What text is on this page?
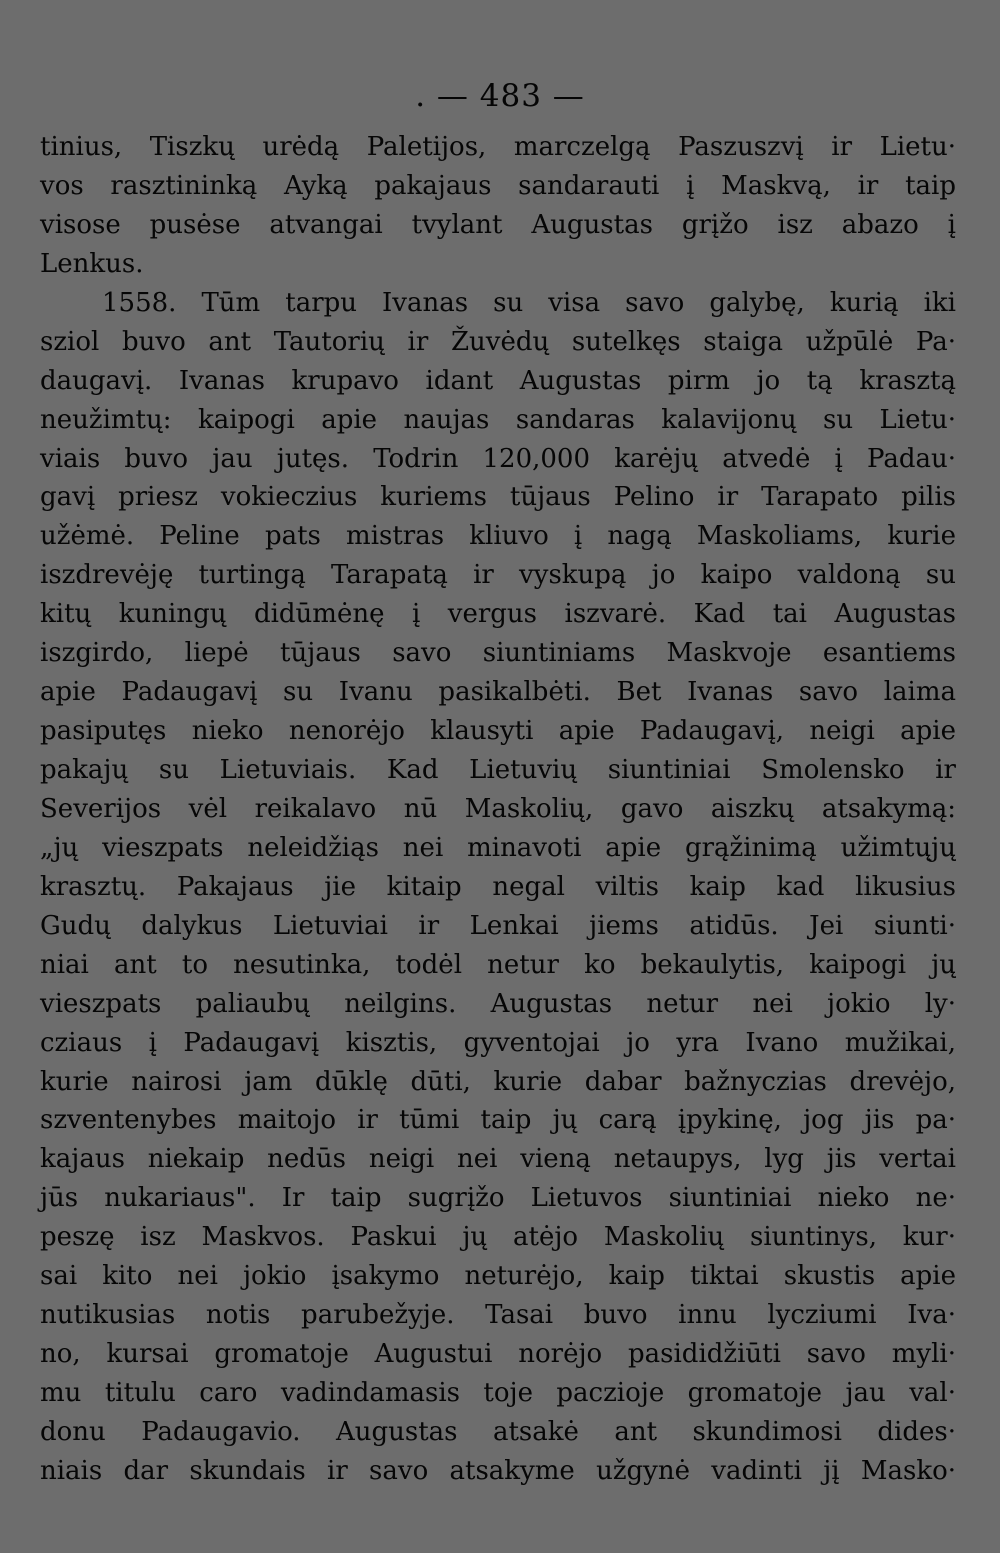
. — 483 —
tinius, Tiszkų urėdą Paletijos, marczelgą Paszuszvį ir Lietu·
vos rasztininką Ayką pakajaus sandarauti į Maskvą, ir taip
visose pusėse atvangai tvylant Augustas grįžo isz abazo į
Lenkus.
1558. Tūm tarpu Ivanas su visa savo galybę, kurią iki
sziol buvo ant Tautorių ir Žuvėdų sutelkęs staiga užpūlė Pa·
daugavį. Ivanas krupavo idant Augustas pirm jo tą krasztą
neužimtų: kaipogi apie naujas sandaras kalavijonų su Lietu·
viais buvo jau jutęs. Todrin 120,000 karėjų atvedė į Padau·
gavį priesz vokieczius kuriems tūjaus Pelino ir Tarapato pilis
užėmė. Peline pats mistras kliuvo į nagą Maskoliams, kurie
iszdrevėję turtingą Tarapatą ir vyskupą jo kaipo valdoną su
kitų kuningų didūmėnę į vergus iszvarė. Kad tai Augustas
iszgirdo, liepė tūjaus savo siuntiniams Maskvoje esantiems
apie Padaugavį su Ivanu pasikalbėti. Bet Ivanas savo laima
pasiputęs nieko nenorėjo klausyti apie Padaugavį, neigi apie
pakajų su Lietuviais. Kad Lietuvių siuntiniai Smolensko ir
Severijos vėl reikalavo nū Maskolių, gavo aiszkų atsakymą:
„jų vieszpats neleidžiąs nei minavoti apie grąžinimą užimtųjų
krasztų. Pakajaus jie kitaip negal viltis kaip kad likusius
Gudų dalykus Lietuviai ir Lenkai jiems atidūs. Jei siunti·
niai ant to nesutinka, todėl netur ko bekaulytis, kaipogi jų
vieszpats paliaubų neilgins. Augustas netur nei jokio ly·
cziaus į Padaugavį kisztis, gyventojai jo yra Ivano mužikai,
kurie nairosi jam dūklę dūti, kurie dabar bažnyczias drevėjo,
szventenybes maitojo ir tūmi taip jų carą įpykinę, jog jis pa·
kajaus niekaip nedūs neigi nei vieną netaupys, lyg jis vertai
jūs nukariaus". Ir taip sugrįžo Lietuvos siuntiniai nieko ne·
peszę isz Maskvos. Paskui jų atėjo Maskolių siuntinys, kur·
sai kito nei jokio įsakymo neturėjo, kaip tiktai skustis apie
nutikusias notis parubežyje. Tasai buvo innu lycziumi Iva·
no, kursai gromatoje Augustui norėjo pasididžiūti savo myli·
mu titulu caro vadindamasis toje paczioje gromatoje jau val·
donu Padaugavio. Augustas atsakė ant skundimosi dides·
niais dar skundais ir savo atsakyme užgynė vadinti jį Masko·
